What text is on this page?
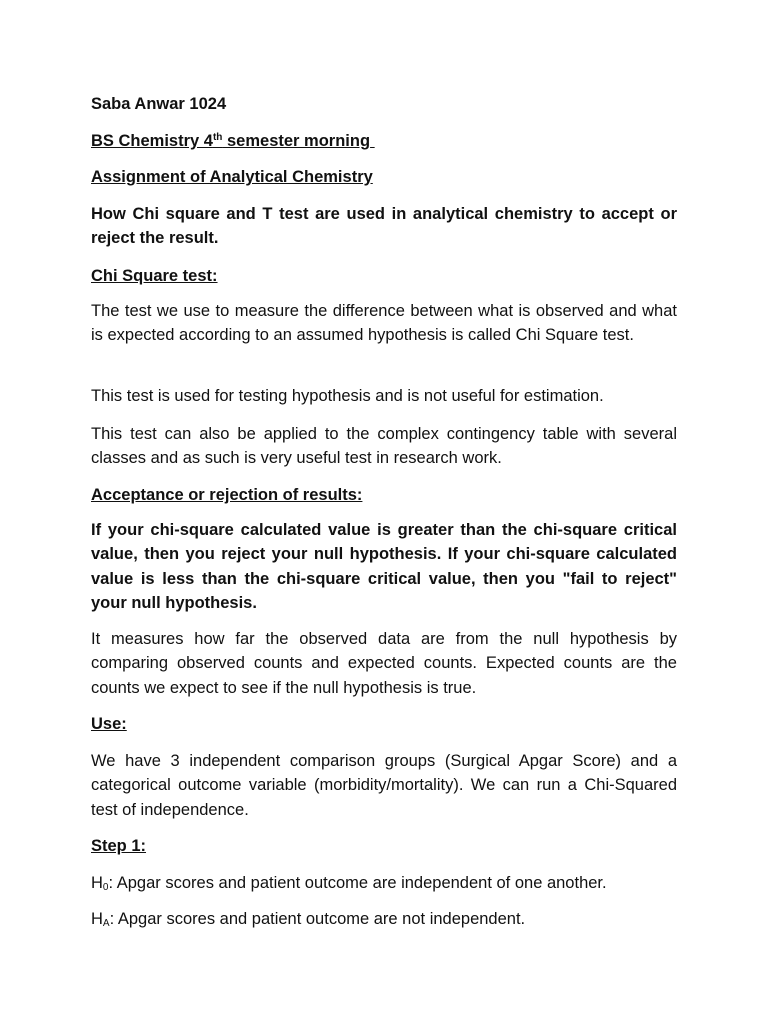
Saba Anwar 1024
BS Chemistry 4th semester morning
Assignment of Analytical Chemistry
How Chi square and T test are used in analytical chemistry to accept or reject the result.
Chi Square test:
The test we use to measure the difference between what is observed and what is expected according to an assumed hypothesis is called Chi Square test.
This test is used for testing hypothesis and is not useful for estimation.
This test can also be applied to the complex contingency table with several classes and as such is very useful test in research work.
Acceptance or rejection of results:
If your chi-square calculated value is greater than the chi-square critical value, then you reject your null hypothesis. If your chi-square calculated value is less than the chi-square critical value, then you "fail to reject" your null hypothesis.
It measures how far the observed data are from the null hypothesis by comparing observed counts and expected counts. Expected counts are the counts we expect to see if the null hypothesis is true.
Use:
We have 3 independent comparison groups (Surgical Apgar Score) and a categorical outcome variable (morbidity/mortality). We can run a Chi-Squared test of independence.
Step 1:
$H_0$: Apgar scores and patient outcome are independent of one another.
$H_A$: Apgar scores and patient outcome are not independent.
